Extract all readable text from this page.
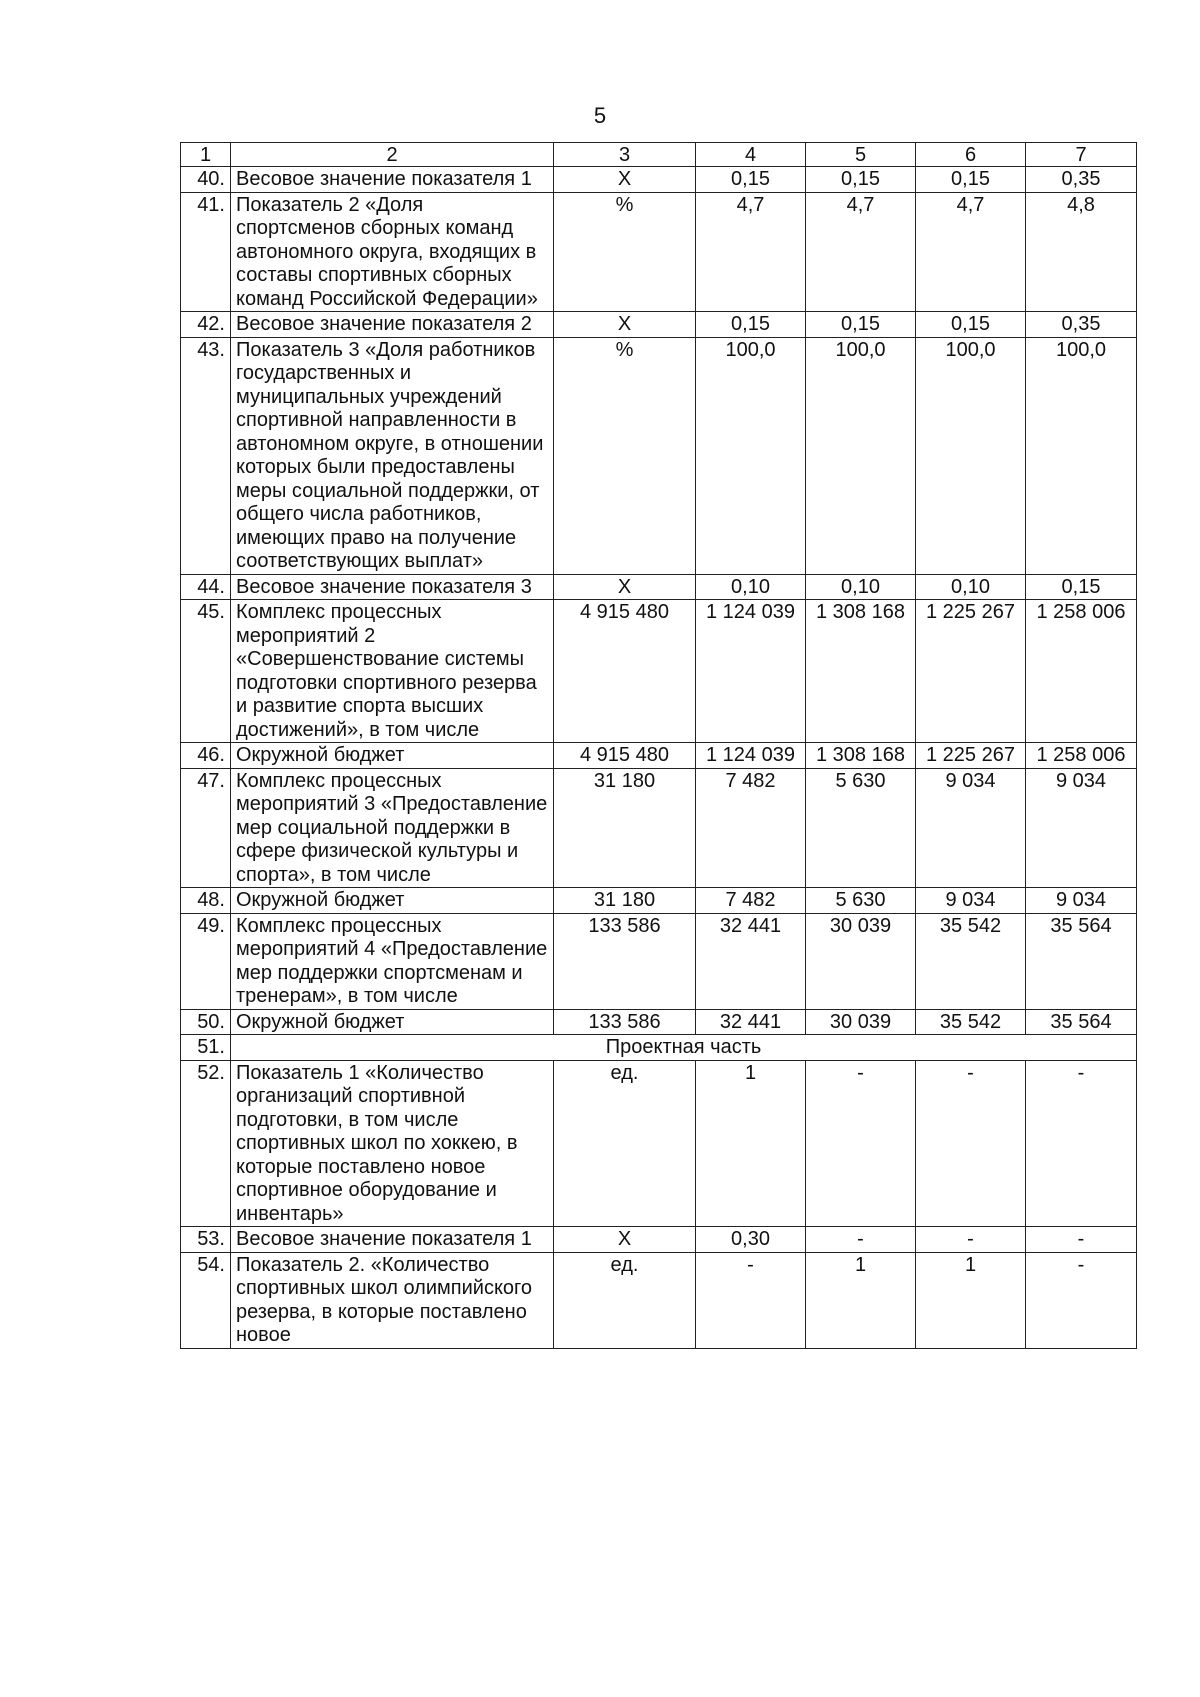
5
1	2	3	4	5	6	7
40.	Весовое значение показателя 1	X	0,15	0,15	0,15	0,35
41.	Показатель 2 «Доля спортсменов сборных команд автономного округа, входящих в составы спортивных сборных команд Российской Федерации»	%	4,7	4,7	4,7	4,8
42.	Весовое значение показателя 2	X	0,15	0,15	0,15	0,35
43.	Показатель 3 «Доля работников государственных и муниципальных учреждений спортивной направленности в автономном округе, в отношении которых были предоставлены меры социальной поддержки, от общего числа работников, имеющих право на получение соответствующих выплат»	%	100,0	100,0	100,0	100,0
44.	Весовое значение показателя 3	X	0,10	0,10	0,10	0,15
45.	Комплекс процессных мероприятий 2 «Совершенствование системы подготовки спортивного резерва и развитие спорта высших достижений», в том числе	4 915 480	1 124 039	1 308 168	1 225 267	1 258 006
46.	Окружной бюджет	4 915 480	1 124 039	1 308 168	1 225 267	1 258 006
47.	Комплекс процессных мероприятий 3 «Предоставление мер социальной поддержки в сфере физической культуры и спорта», в том числе	31 180	7 482	5 630	9 034	9 034
48.	Окружной бюджет	31 180	7 482	5 630	9 034	9 034
49.	Комплекс процессных мероприятий 4 «Предоставление мер поддержки спортсменам и тренерам», в том числе	133 586	32 441	30 039	35 542	35 564
50.	Окружной бюджет	133 586	32 441	30 039	35 542	35 564
51.	Проектная часть					
52.	Показатель 1 «Количество организаций спортивной подготовки, в том числе спортивных школ по хоккею, в которые поставлено новое спортивное оборудование и инвентарь»	ед.	1	-	-	-
53.	Весовое значение показателя 1	X	0,30	-	-	-
54.	Показатель 2. «Количество спортивных школ олимпийского резерва, в которые поставлено новое	ед.	-	1	1	-
